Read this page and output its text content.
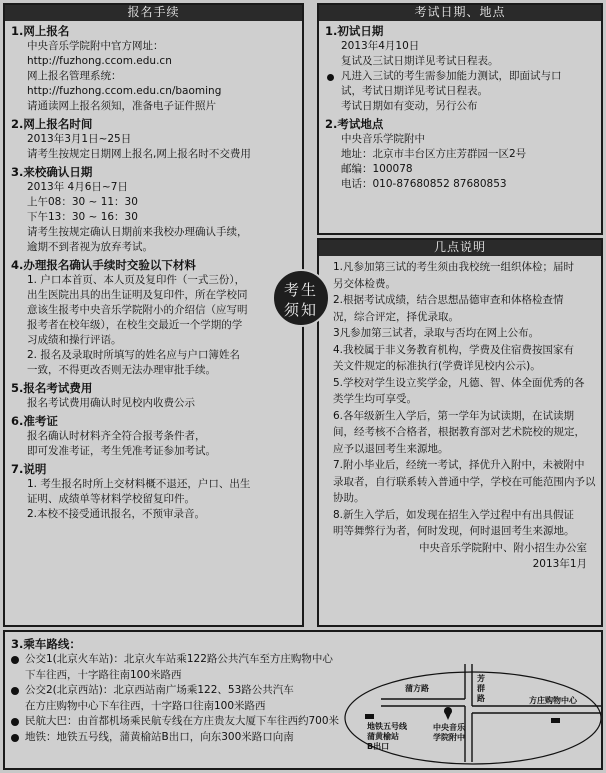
报名手续
1.网上报名
中央音乐学院附中官方网址：
http://fuzhong.ccom.edu.cn
网上报名管理系统：
http://fuzhong.ccom.edu.cn/baoming
请通读网上报名须知，准备电子证件照片
2.网上报名时间
2013年3月1日~25日
请考生按规定日期网上报名,网上报名时不交费用
3.来校确认日期
2013年 4月6日~7日
上午08：30 ~ 11：30
下午13：30 ~ 16：30
请考生按规定确认日期前来我校办理确认手续，
逾期不到者视为放弃考试。
4.办理报名确认手续时交验以下材料
1. 户口本首页、本人页及复印件（一式三份），
出生医院出具的出生证明及复印件，所在学校同
意该生报考中央音乐学院附小的介绍信（应写明
报考者在校年级），在校生交最近一个学期的学
习成绩和操行评语。
2. 报名及录取时所填写的姓名应与户口簿姓名
一致，不得更改否则无法办理审批手续。
5.报名考试费用
报名考试费用确认时见校内收费公示
6.准考证
报名确认时材料齐全符合报考条件者，
即可发准考证，考生凭准考证参加考试。
7.说明
1. 考生报名时所上交材料概不退还，户口、出生
证明、成绩单等材料学校留复印件。
2.本校不接受通讯报名，不预审录音。
考生
须知
考试日期、地点
1.初试日期
2013年4月10日
复试及三试日期详见考试日程表。
凡进入三试的考生需参加能力测试，即面试与口
试，考试日期详见考试日程表。
考试日期如有变动，另行公布
2.考试地点
中央音乐学院附中
地址：北京市丰台区方庄芳群园一区2号
邮编：100078
电话：010-87680852 87680853
几点说明
1.凡参加第三试的考生须由我校统一组织体检；届时
另交体检费。
2.根据考试成绩，结合思想品德审查和体格检查情
况，综合评定，择优录取。
3凡参加第三试者，录取与否均在网上公布。
4.我校属于非义务教育机构，学费及住宿费按国家有
关文件规定的标准执行(学费详见校内公示)。
5.学校对学生设立奖学金，凡德、智、体全面优秀的各
类学生均可享受。
6.各年级新生入学后，第一学年为试读期，在试读期
间，经考核不合格者，根据教育部对艺术院校的规定，
应予以退回考生来源地。
7.附小毕业后，经统一考试，择优升入附中，未被附中
录取者，自行联系转入普通中学，学校在可能范围内予以
协助。
8.新生入学后，如发现在招生入学过程中有出具假证
明等舞弊行为者，何时发现，何时退回考生来源地。
中央音乐学院附中、附小招生办公室
2013年1月
3.乘车路线：
公交1(北京火车站)：北京火车站乘122路公共汽车至方庄购物中心
下车往西，十字路往南100米路西
公交2(北京西站)：北京西站南广场乘122、53路公共汽车
在方庄购物中心下车往西，十字路口往南100米路西
民航大巴：由首都机场乘民航专线在方庄贵友大厦下车往西约700米
地铁：地铁五号线，蒲黄榆站B出口，向东300米路口向南
蒲方路
芳群路
地铁五号线
蒲黄榆站
B出口
中央音乐
学院附中
方庄购物中心
